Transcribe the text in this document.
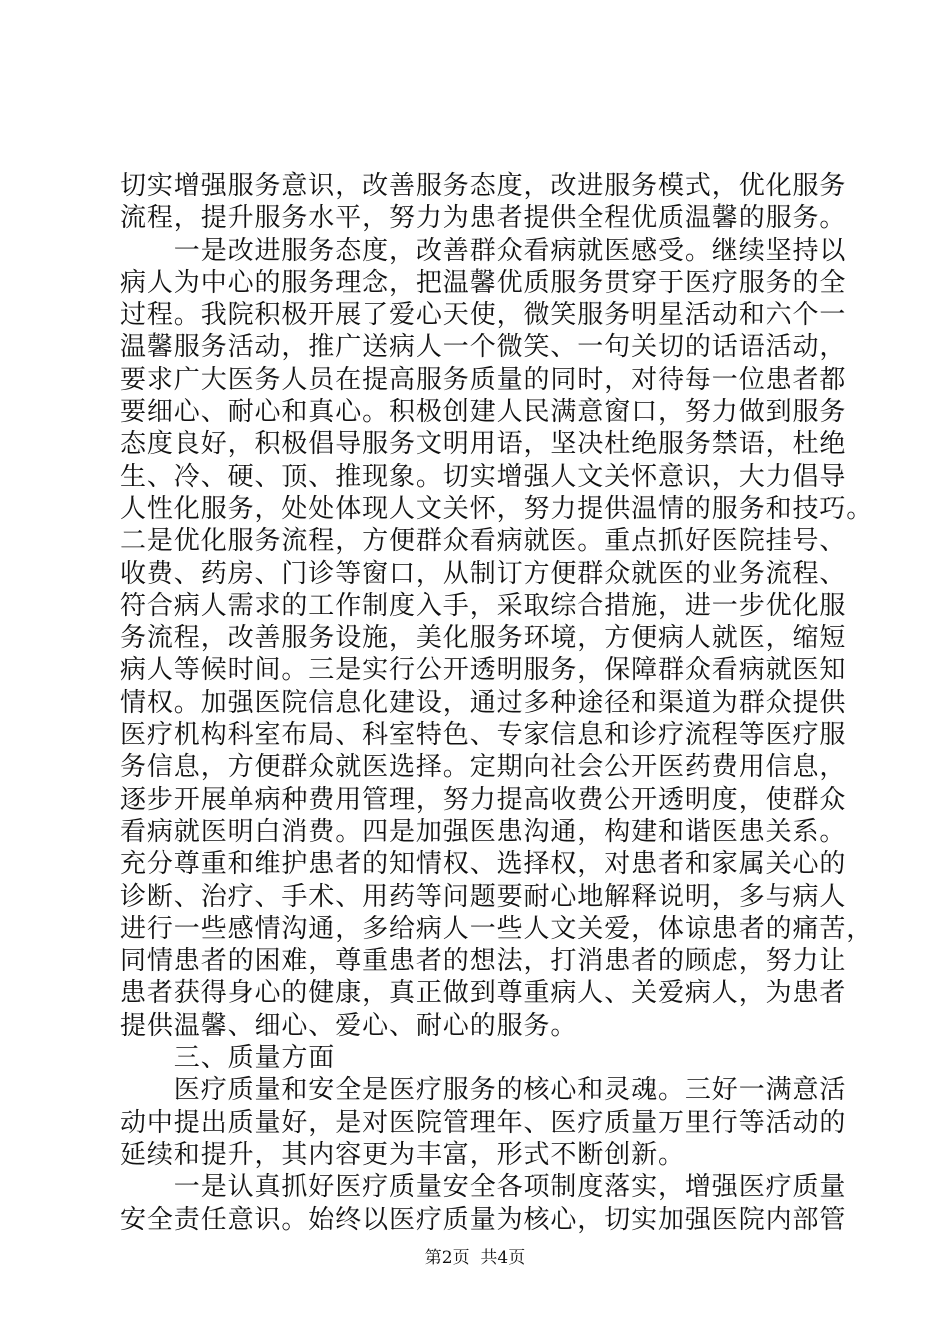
切实增强服务意识，改善服务态度，改进服务模式，优化服务
流程，提升服务水平，努力为患者提供全程优质温馨的服务。
　　一是改进服务态度，改善群众看病就医感受。继续坚持以
病人为中心的服务理念，把温馨优质服务贯穿于医疗服务的全
过程。我院积极开展了爱心天使，微笑服务明星活动和六个一
温馨服务活动，推广送病人一个微笑、一句关切的话语活动，
要求广大医务人员在提高服务质量的同时，对待每一位患者都
要细心、耐心和真心。积极创建人民满意窗口，努力做到服务
态度良好，积极倡导服务文明用语，坚决杜绝服务禁语，杜绝
生、冷、硬、顶、推现象。切实增强人文关怀意识，大力倡导
人性化服务，处处体现人文关怀，努力提供温情的服务和技巧。
二是优化服务流程，方便群众看病就医。重点抓好医院挂号、
收费、药房、门诊等窗口，从制订方便群众就医的业务流程、
符合病人需求的工作制度入手，采取综合措施，进一步优化服
务流程，改善服务设施，美化服务环境，方便病人就医，缩短
病人等候时间。三是实行公开透明服务，保障群众看病就医知
情权。加强医院信息化建设，通过多种途径和渠道为群众提供
医疗机构科室布局、科室特色、专家信息和诊疗流程等医疗服
务信息，方便群众就医选择。定期向社会公开医药费用信息，
逐步开展单病种费用管理，努力提高收费公开透明度，使群众
看病就医明白消费。四是加强医患沟通，构建和谐医患关系。
充分尊重和维护患者的知情权、选择权，对患者和家属关心的
诊断、治疗、手术、用药等问题要耐心地解释说明，多与病人
进行一些感情沟通，多给病人一些人文关爱，体谅患者的痛苦，
同情患者的困难，尊重患者的想法，打消患者的顾虑，努力让
患者获得身心的健康，真正做到尊重病人、关爱病人，为患者
提供温馨、细心、爱心、耐心的服务。
　　三、质量方面
　　医疗质量和安全是医疗服务的核心和灵魂。三好一满意活
动中提出质量好，是对医院管理年、医疗质量万里行等活动的
延续和提升，其内容更为丰富，形式不断创新。
　　一是认真抓好医疗质量安全各项制度落实，增强医疗质量
安全责任意识。始终以医疗质量为核心，切实加强医院内部管
第2页  共4页
